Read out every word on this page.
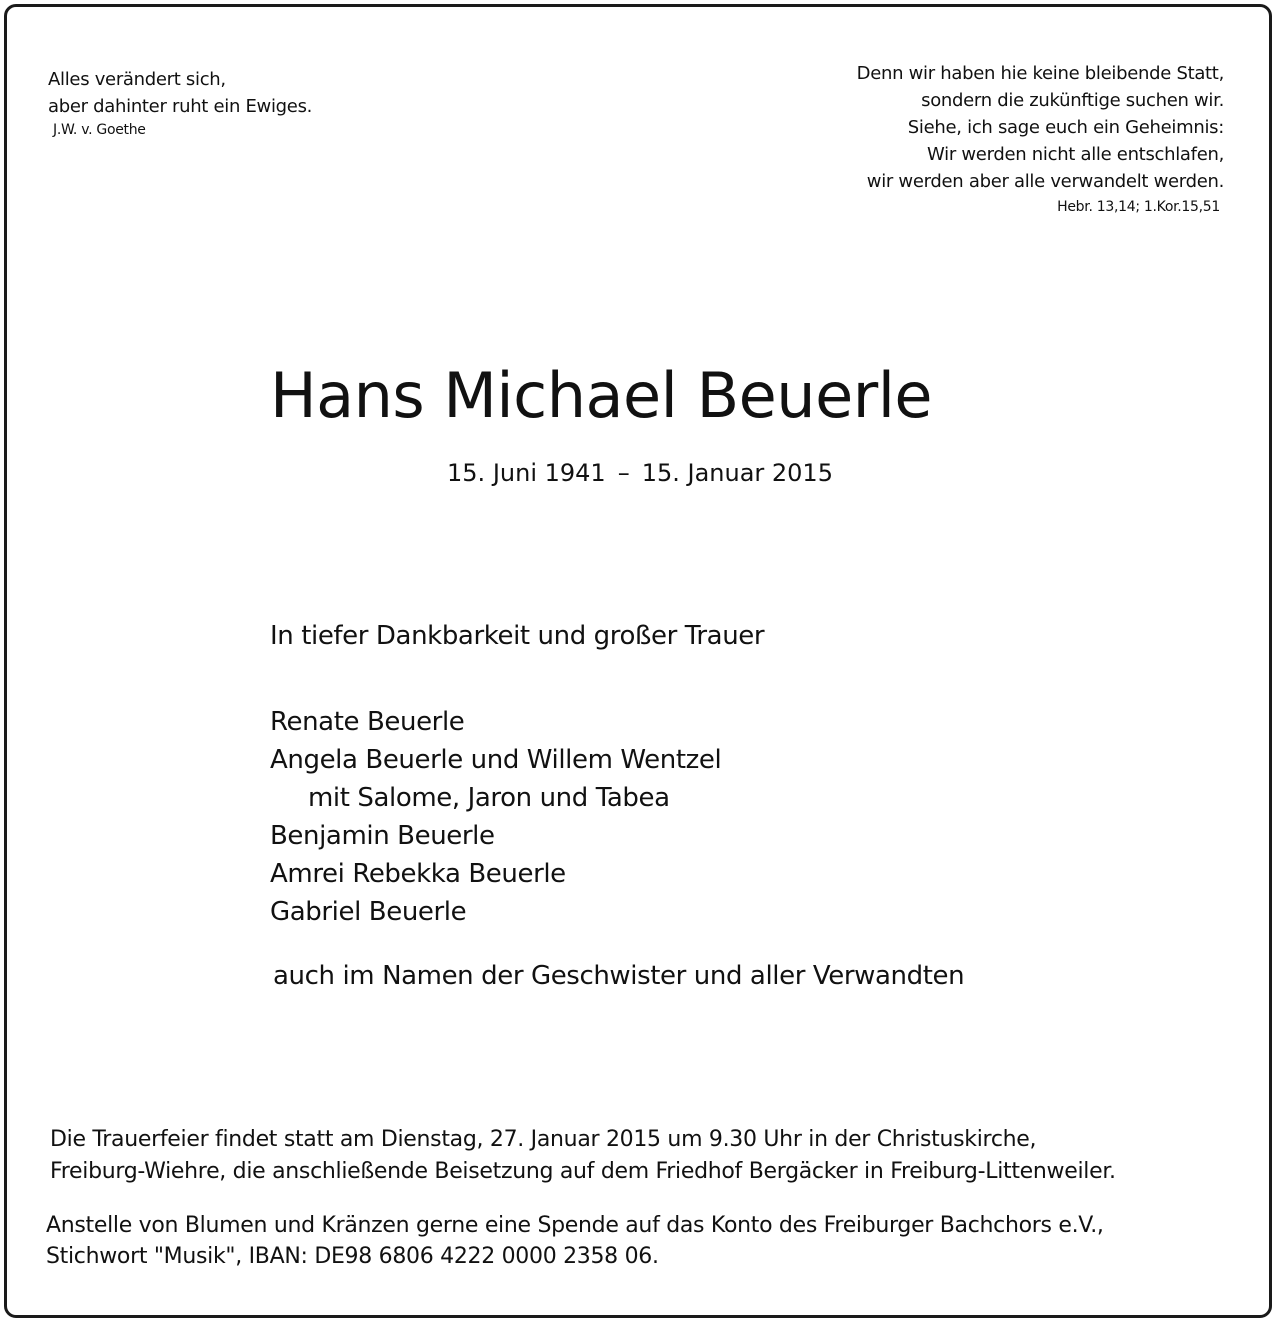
Alles verändert sich,
aber dahinter ruht ein Ewiges.
J.W. v. Goethe
Denn wir haben hie keine bleibende Statt,
sondern die zukünftige suchen wir.
Siehe, ich sage euch ein Geheimnis:
Wir werden nicht alle entschlafen,
wir werden aber alle verwandelt werden.
Hebr. 13,14; 1.Kor.15,51
Hans Michael Beuerle
15. Juni 1941 – 15. Januar 2015
In tiefer Dankbarkeit und großer Trauer
Renate Beuerle
Angela Beuerle und Willem Wentzel
mit Salome, Jaron und Tabea
Benjamin Beuerle
Amrei Rebekka Beuerle
Gabriel Beuerle
auch im Namen der Geschwister und aller Verwandten
Die Trauerfeier findet statt am Dienstag, 27. Januar 2015 um 9.30 Uhr in der Christuskirche,
Freiburg-Wiehre, die anschließende Beisetzung auf dem Friedhof Bergäcker in Freiburg-Littenweiler.
Anstelle von Blumen und Kränzen gerne eine Spende auf das Konto des Freiburger Bachchors e.V.,
Stichwort "Musik", IBAN: DE98 6806 4222 0000 2358 06.
